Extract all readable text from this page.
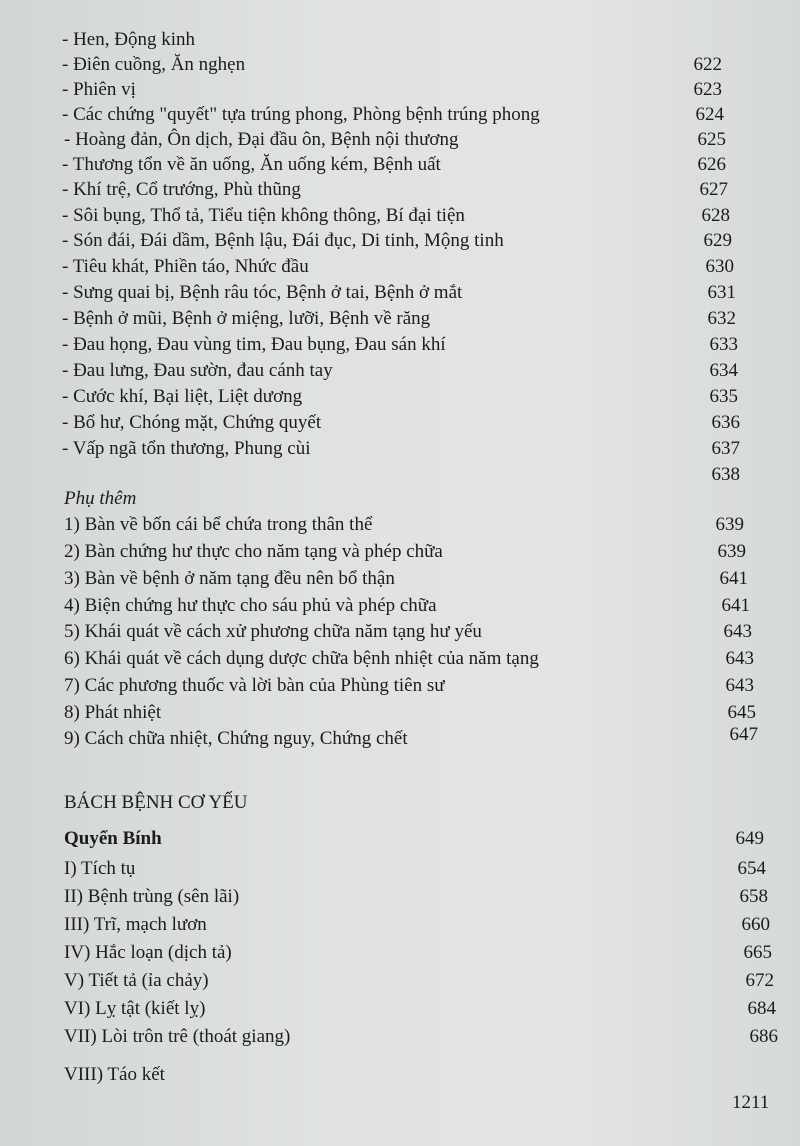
- Hen, Động kinh
- Điên cuồng, Ăn nghẹn	622
- Phiên vị	623
- Các chứng "quyết" tựa trúng phong, Phòng bệnh trúng phong	624
- Hoàng đản, Ôn dịch, Đại đầu ôn, Bệnh nội thương	625
- Thương tổn về ăn uống, Ăn uống kém, Bệnh uất	626
- Khí trệ, Cổ trướng, Phù thũng	627
- Sôi bụng, Thổ tả, Tiểu tiện không thông, Bí đại tiện	628
- Són đái, Đái dầm, Bệnh lậu, Đái đục, Di tinh, Mộng tinh	629
- Tiêu khát, Phiền táo, Nhức đầu	630
- Sưng quai bị, Bệnh râu tóc, Bệnh ở tai, Bệnh ở mắt	631
- Bệnh ở mũi, Bệnh ở miệng, lưỡi, Bệnh về răng	632
- Đau họng, Đau vùng tim, Đau bụng, Đau sán khí	633
- Đau lưng, Đau sườn, đau cánh tay	634
- Cước khí, Bại liệt, Liệt dương	635
- Bổ hư, Chóng mặt, Chứng quyết	636
- Vấp ngã tổn thương, Phung cùi	637
638
Phụ thêm
1) Bàn về bốn cái bể chứa trong thân thể	639
2) Bàn chứng hư thực cho năm tạng và phép chữa	639
3) Bàn về bệnh ở năm tạng đều nên bổ thận	641
4) Biện chứng hư thực cho sáu phủ và phép chữa	641
5) Khái quát về cách xử phương chữa năm tạng hư yếu	643
6) Khái quát về cách dụng dược chữa bệnh nhiệt của năm tạng	643
7) Các phương thuốc và lời bàn của Phùng tiên sư	643
8) Phát nhiệt	645
9) Cách chữa nhiệt, Chứng nguy, Chứng chết	647
BÁCH BỆNH CƠ YẾU
Quyển Bính	649
I) Tích tụ	654
II) Bệnh trùng (sên lãi)	658
III) Trĩ, mạch lươn	660
IV) Hắc loạn (dịch tả)	665
V) Tiết tả (ỉa chảy)	672
VI) Lỵ tật (kiết lỵ)	684
VII) Lòi trôn trê (thoát giang)	686
VIII) Táo kết
1211
